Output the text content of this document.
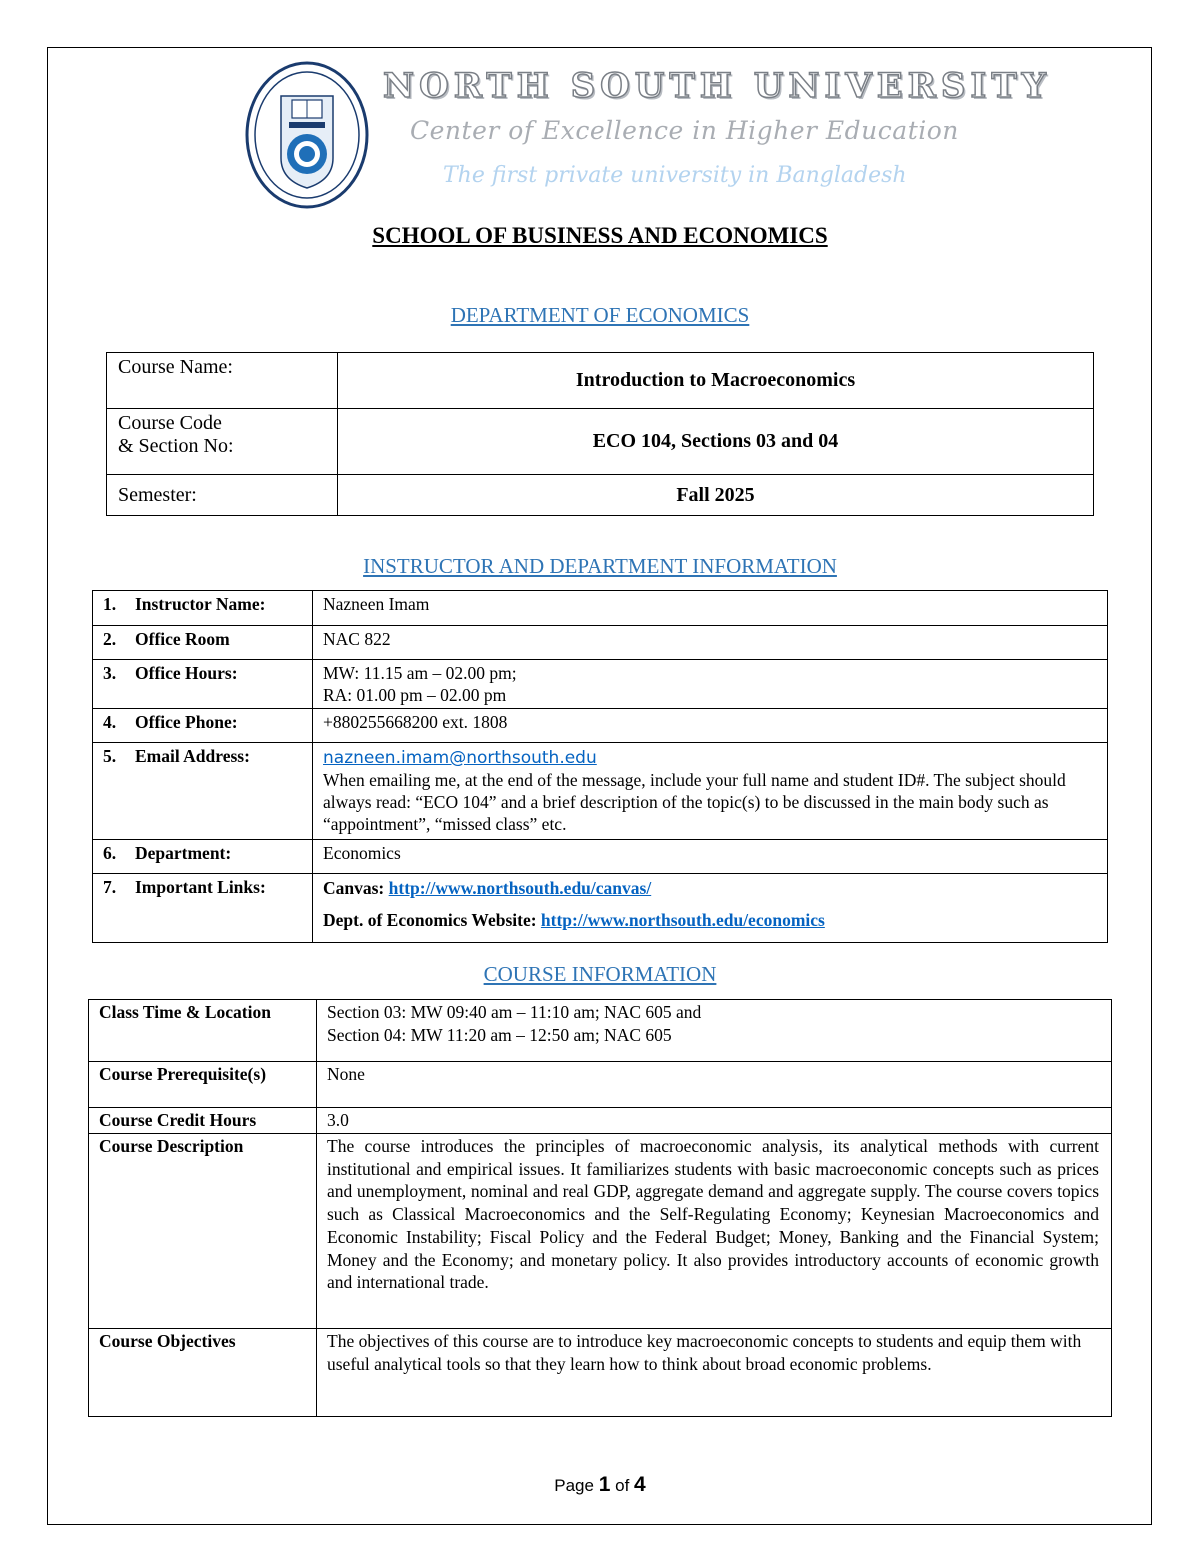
NORTH SOUTH UNIVERSITY
Center of Excellence in Higher Education
The first private university in Bangladesh
SCHOOL OF BUSINESS AND ECONOMICS
DEPARTMENT OF ECONOMICS
Course Name:	Introduction to Macroeconomics

Course Code
& Section No:	ECO 104, Sections 03 and 04
Semester:	Fall 2025
INSTRUCTOR AND DEPARTMENT INFORMATION
1. Instructor Name:	Nazneen Imam
2. Office Room	NAC 822
3. Office Hours:	MW: 11.15 am – 02.00 pm;
RA: 01.00 pm – 02.00 pm

4. Office Phone:	+880255668200 ext. 1808
5. Email Address:	nazneen.imam@northsouth.edu
When emailing me, at the end of the message, include your full name and student ID#. The subject should always read: “ECO 104” and a brief description of the topic(s) to be discussed in the main body such as “appointment”, “missed class” etc.

6. Department:	Economics
7. Important Links:	Canvas: http://www.northsouth.edu/canvas/
Dept. of Economics Website: http://www.northsouth.edu/economics
COURSE INFORMATION
Class Time & Location	Section 03: MW 09:40 am – 11:10 am; NAC 605 and
Section 04: MW 11:20 am – 12:50 am; NAC 605

Course Prerequisite(s)	None
Course Credit Hours	3.0
Course Description	The course introduces the principles of macroeconomic analysis, its analytical methods with current institutional and empirical issues. It familiarizes students with basic macroeconomic concepts such as prices and unemployment, nominal and real GDP, aggregate demand and aggregate supply. The course covers topics such as Classical Macroeconomics and the Self-Regulating Economy; Keynesian Macroeconomics and Economic Instability; Fiscal Policy and the Federal Budget; Money, Banking and the Financial System; Money and the Economy; and monetary policy. It also provides introductory accounts of economic growth and international trade.
Course Objectives	The objectives of this course are to introduce key macroeconomic concepts to students and equip them with useful analytical tools so that they learn how to think about broad economic problems.
Page 1 of 4
